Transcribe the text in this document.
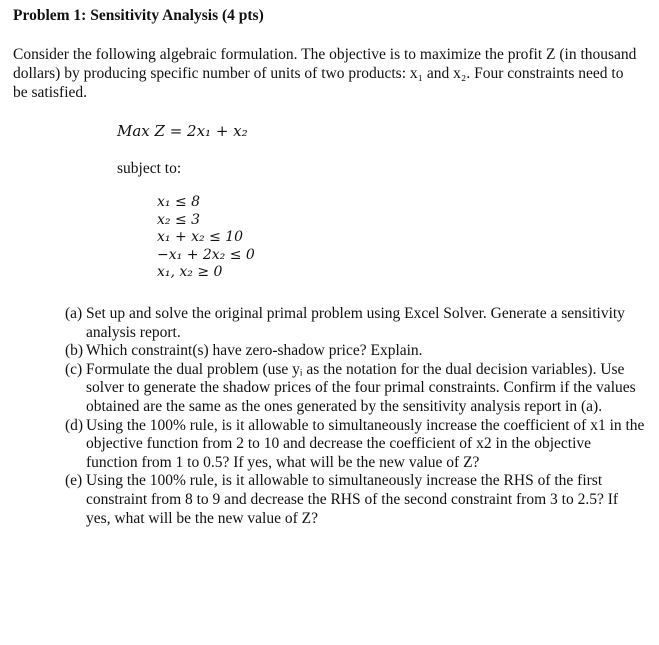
Problem 1: Sensitivity Analysis (4 pts)
Consider the following algebraic formulation. The objective is to maximize the profit Z (in thousand dollars) by producing specific number of units of two products: x₁ and x₂. Four constraints need to be satisfied.
Max Z = 2x₁ + x₂
subject to:
x₁ ≤ 8
x₂ ≤ 3
x₁ + x₂ ≤ 10
−x₁ + 2x₂ ≤ 0
x₁, x₂ ≥ 0
(a) Set up and solve the original primal problem using Excel Solver. Generate a sensitivity analysis report.
(b) Which constraint(s) have zero-shadow price? Explain.
(c) Formulate the dual problem (use yᵢ as the notation for the dual decision variables). Use solver to generate the shadow prices of the four primal constraints. Confirm if the values obtained are the same as the ones generated by the sensitivity analysis report in (a).
(d) Using the 100% rule, is it allowable to simultaneously increase the coefficient of x1 in the objective function from 2 to 10 and decrease the coefficient of x2 in the objective function from 1 to 0.5? If yes, what will be the new value of Z?
(e) Using the 100% rule, is it allowable to simultaneously increase the RHS of the first constraint from 8 to 9 and decrease the RHS of the second constraint from 3 to 2.5? If yes, what will be the new value of Z?
